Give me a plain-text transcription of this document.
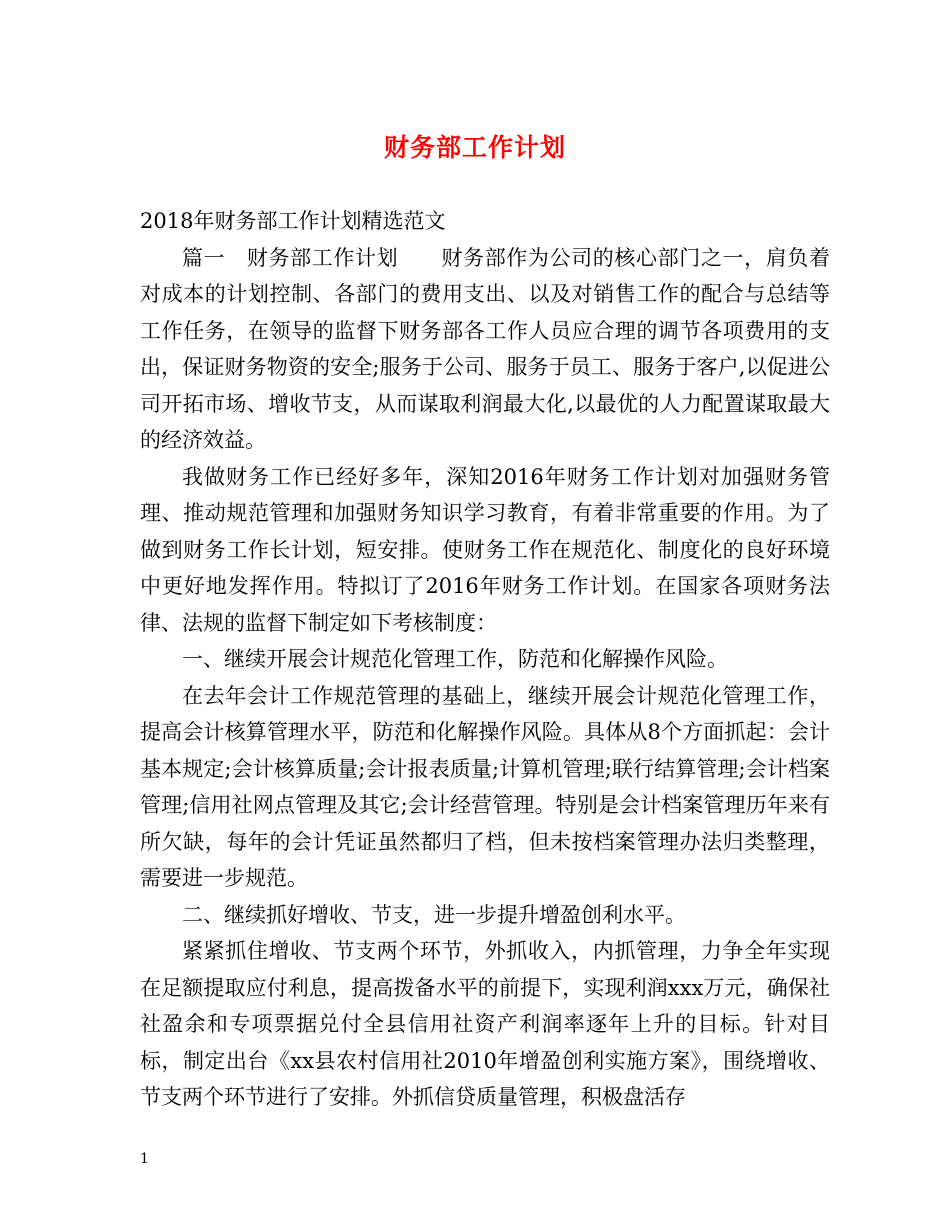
财务部工作计划

2018年财务部工作计划精选范文

篇一　财务部工作计划　　财务部作为公司的核心部门之一，肩负着对成本的计划控制、各部门的费用支出、以及对销售工作的配合与总结等工作任务，在领导的监督下财务部各工作人员应合理的调节各项费用的支出，保证财务物资的安全;服务于公司、服务于员工、服务于客户,以促进公司开拓市场、增收节支，从而谋取利润最大化,以最优的人力配置谋取最大的经济效益。

我做财务工作已经好多年，深知2016年财务工作计划对加强财务管理、推动规范管理和加强财务知识学习教育，有着非常重要的作用。为了做到财务工作长计划，短安排。使财务工作在规范化、制度化的良好环境中更好地发挥作用。特拟订了2016年财务工作计划。在国家各项财务法律、法规的监督下制定如下考核制度：

一、继续开展会计规范化管理工作，防范和化解操作风险。

在去年会计工作规范管理的基础上，继续开展会计规范化管理工作，提高会计核算管理水平，防范和化解操作风险。具体从8个方面抓起：会计基本规定;会计核算质量;会计报表质量;计算机管理;联行结算管理;会计档案管理;信用社网点管理及其它;会计经营管理。特别是会计档案管理历年来有所欠缺，每年的会计凭证虽然都归了档，但未按档案管理办法归类整理，需要进一步规范。

二、继续抓好增收、节支，进一步提升增盈创利水平。

紧紧抓住增收、节支两个环节，外抓收入，内抓管理，力争全年实现在足额提取应付利息，提高拨备水平的前提下，实现利润xxx万元，确保社社盈余和专项票据兑付全县信用社资产利润率逐年上升的目标。针对目标，制定出台《xx县农村信用社2010年增盈创利实施方案》，围绕增收、节支两个环节进行了安排。外抓信贷质量管理，积极盘活存

1
